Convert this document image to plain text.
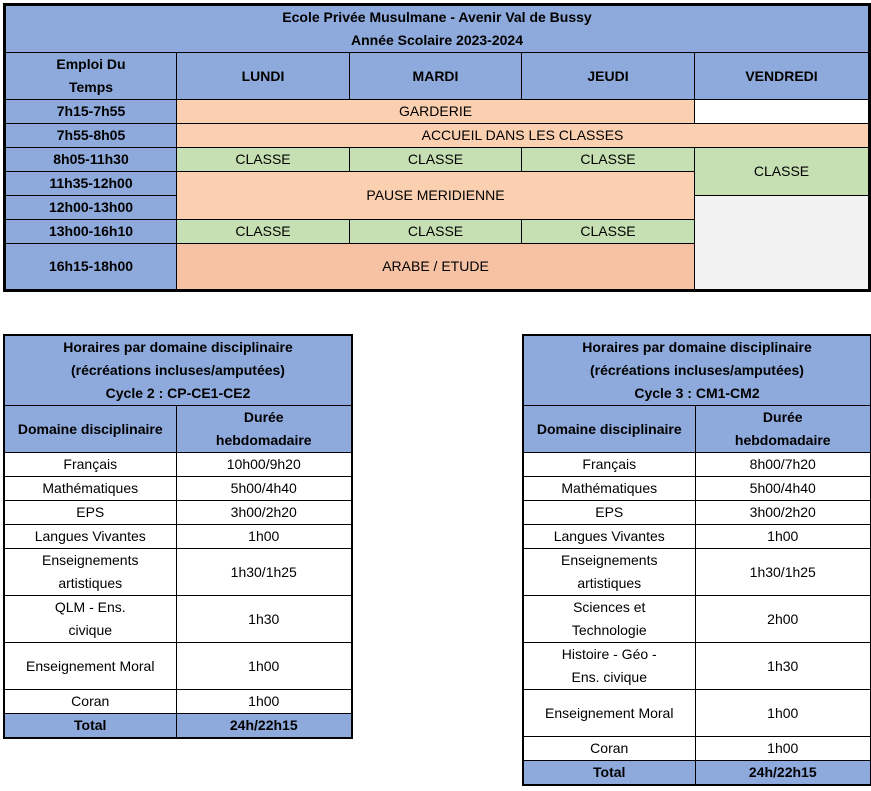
Ecole Privée Musulmane - Avenir Val de Bussy
Année Scolaire 2023-2024				

Emploi Du Temps	LUNDI	MARDI	JEUDI	VENDREDI
7h15-7h55	GARDERIE			
7h55-8h05	ACCUEIL DANS LES CLASSES			
8h05-11h30	CLASSE	CLASSE	CLASSE	CLASSE
11h35-12h00	PAUSE MERIDIENNE			
12h00-13h00				
13h00-16h10	CLASSE	CLASSE	CLASSE	
16h15-18h00	ARABE / ETUDE			
Horaires par domaine disciplinaire
(récréations incluses/amputées)
Cycle 2 : CP-CE1-CE2	

Domaine disciplinaire	Durée hebdomadaire

Français	10h00/9h20
Mathématiques	5h00/4h40
EPS	3h00/2h20
Langues Vivantes	1h00

Enseignements artistiques	1h30/1h25

QLM - Ens. civique	1h30
Enseignement Moral	1h00
Coran	1h00
Total	24h/22h15
Horaires par domaine disciplinaire
(récréations incluses/amputées)
Cycle 3 : CM1-CM2	

Domaine disciplinaire	Durée hebdomadaire

Français	8h00/7h20
Mathématiques	5h00/4h40
EPS	3h00/2h20
Langues Vivantes	1h00

Enseignements artistiques	1h30/1h25

Sciences et Technologie	2h00

Histoire - Géo - Ens. civique	1h30
Enseignement Moral	1h00
Coran	1h00
Total	24h/22h15
